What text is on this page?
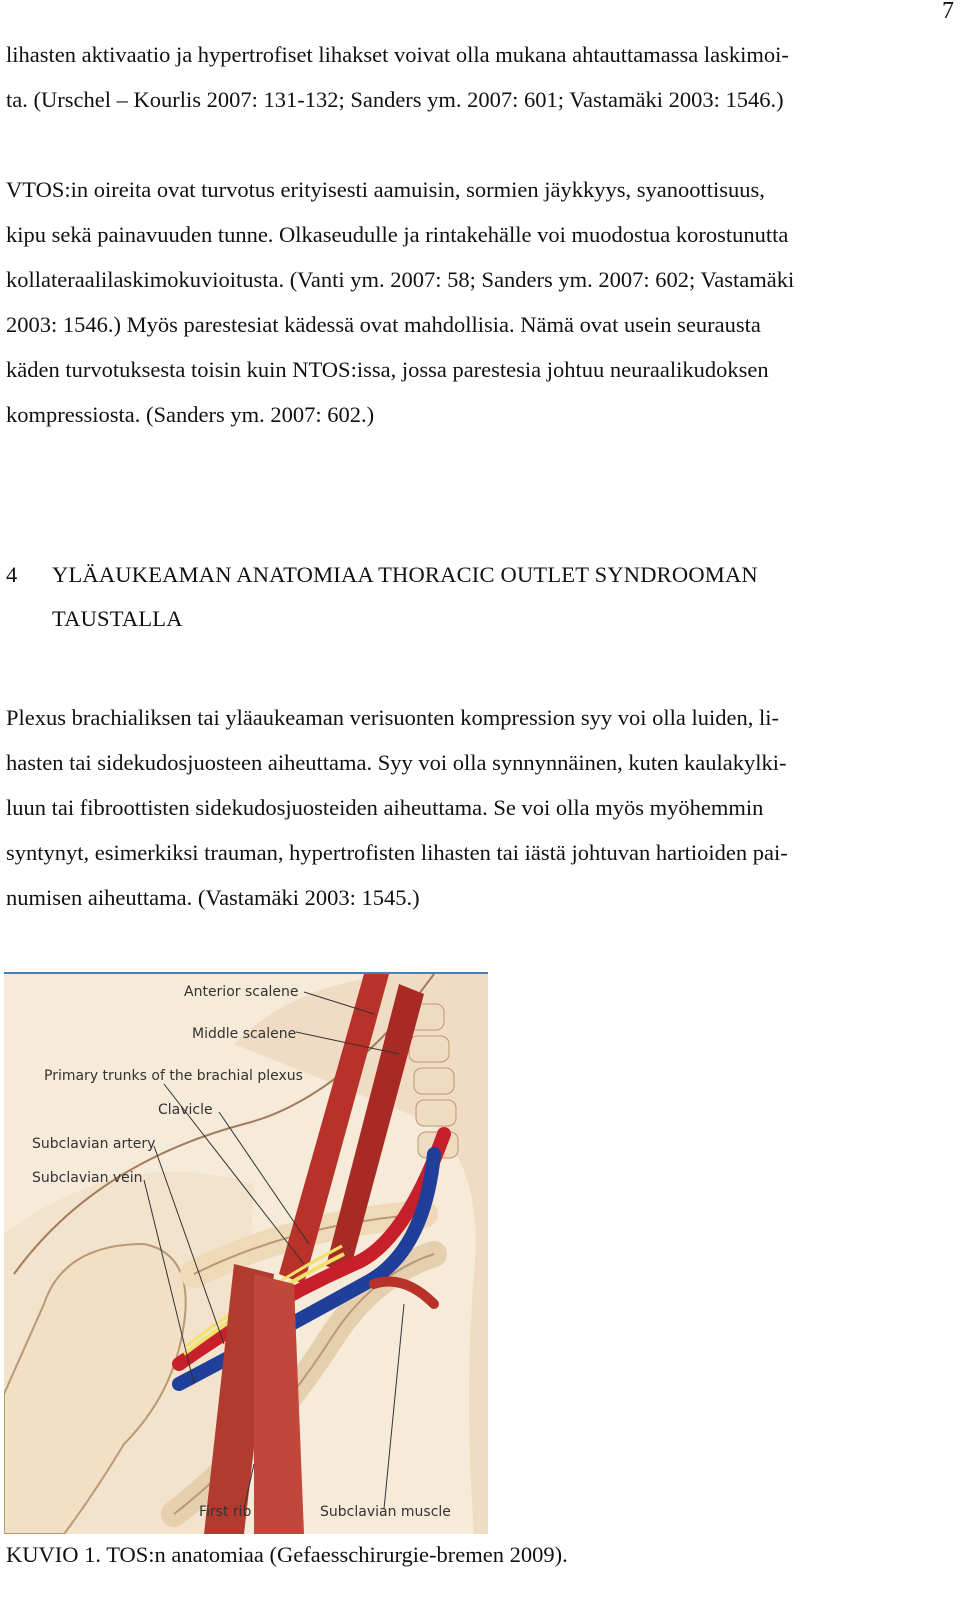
7

lihasten aktivaatio ja hypertrofiset lihakset voivat olla mukana ahtauttamassa laskimoi-
ta. (Urschel – Kourlis 2007: 131-132; Sanders ym. 2007: 601; Vastamäki 2003: 1546.)

VTOS:in oireita ovat turvotus erityisesti aamuisin, sormien jäykkyys, syanoottisuus,
kipu sekä painavuuden tunne. Olkaseudulle ja rintakehälle voi muodostua korostunutta
kollateraalilaskimokuvioitusta. (Vanti ym. 2007: 58; Sanders ym. 2007: 602; Vastamäki
2003: 1546.) Myös parestesiat kädessä ovat mahdollisia. Nämä ovat usein seurausta
käden turvotuksesta toisin kuin NTOS:issa, jossa parestesia johtuu neuraalikudoksen
kompressiosta. (Sanders ym. 2007: 602.)

4 YLÄAUKEAMAN ANATOMIAA THORACIC OUTLET SYNDROOMAN
TAUSTALLA

Plexus brachialiksen tai yläaukeaman verisuonten kompression syy voi olla luiden, li-
hasten tai sidekudosjuosteen aiheuttama. Syy voi olla synnynnäinen, kuten kaulakylki-
luun tai fibroottisten sidekudosjuosteiden aiheuttama. Se voi olla myös myöhemmin
syntynyt, esimerkiksi trauman, hypertrofisten lihasten tai iästä johtuvan hartioiden pai-
numisen aiheuttama. (Vastamäki 2003: 1545.)

Anterior scalene
Middle scalene
Primary trunks of the brachial plexus
Clavicle
Subclavian artery
Subclavian vein
First rib	Subclavian muscle

KUVIO 1. TOS:n anatomiaa (Gefaesschirurgie-bremen 2009).
